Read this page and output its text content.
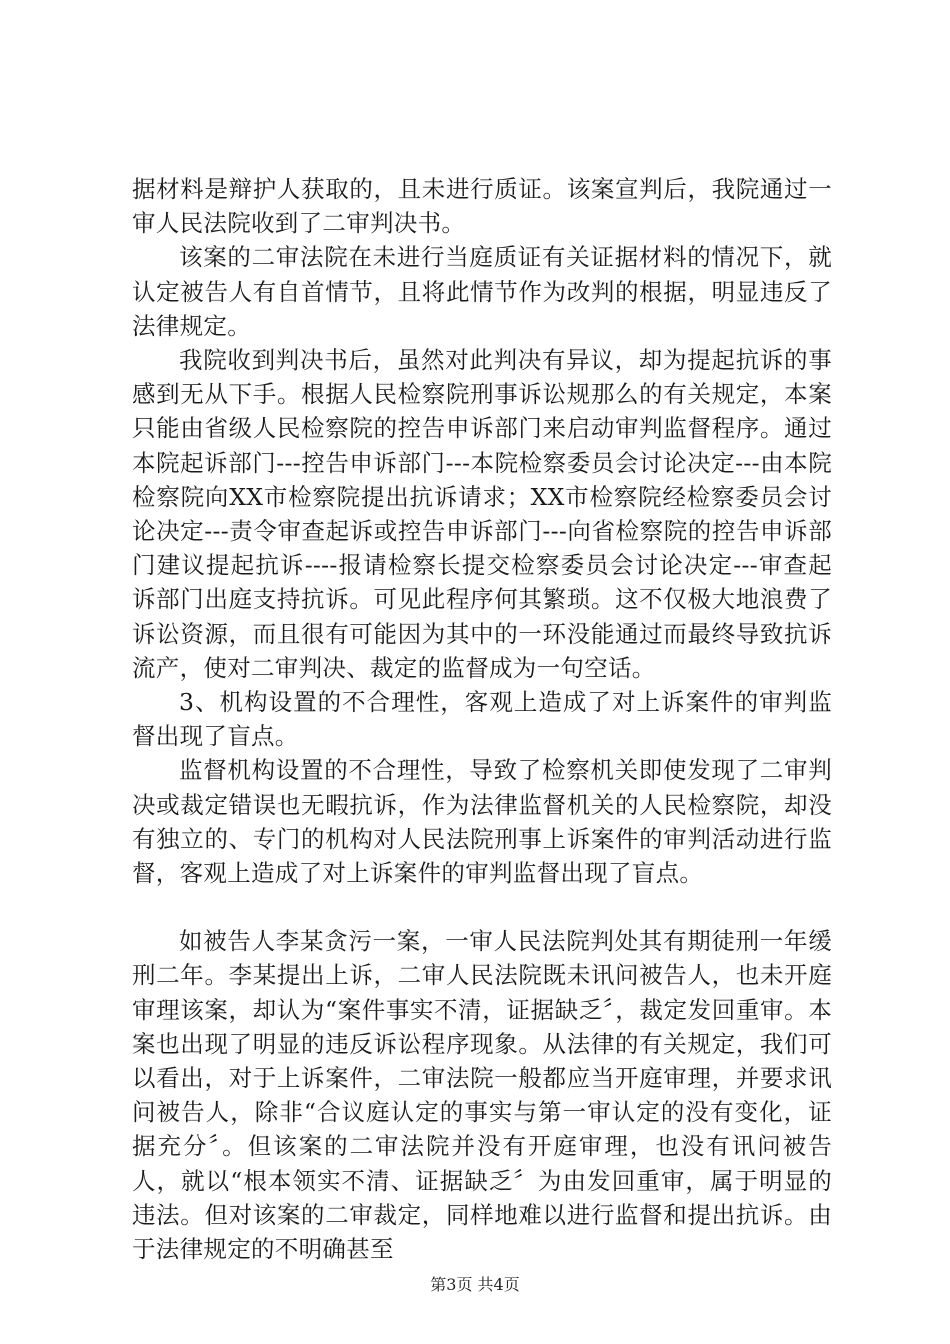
据材料是辩护人获取的，且未进行质证。该案宣判后，我院通过一审人民法院收到了二审判决书。

该案的二审法院在未进行当庭质证有关证据材料的情况下，就认定被告人有自首情节，且将此情节作为改判的根据，明显违反了法律规定。

我院收到判决书后，虽然对此判决有异议，却为提起抗诉的事感到无从下手。根据人民检察院刑事诉讼规那么的有关规定，本案只能由省级人民检察院的控告申诉部门来启动审判监督程序。通过本院起诉部门---控告申诉部门---本院检察委员会讨论决定---由本院检察院向XX市检察院提出抗诉请求；XX市检察院经检察委员会讨论决定---责令审查起诉或控告申诉部门---向省检察院的控告申诉部门建议提起抗诉----报请检察长提交检察委员会讨论决定---审查起诉部门出庭支持抗诉。可见此程序何其繁琐。这不仅极大地浪费了诉讼资源，而且很有可能因为其中的一环没能通过而最终导致抗诉流产，使对二审判决、裁定的监督成为一句空话。

3、机构设置的不合理性，客观上造成了对上诉案件的审判监督出现了盲点。

监督机构设置的不合理性，导致了检察机关即使发现了二审判决或裁定错误也无暇抗诉，作为法律监督机关的人民检察院，却没有独立的、专门的机构对人民法院刑事上诉案件的审判活动进行监督，客观上造成了对上诉案件的审判监督出现了盲点。

如被告人李某贪污一案，一审人民法院判处其有期徒刑一年缓刑二年。李某提出上诉，二审人民法院既未讯问被告人，也未开庭审理该案，却认为“案件事实不清，证据缺乏〞，裁定发回重审。本案也出现了明显的违反诉讼程序现象。从法律的有关规定，我们可以看出，对于上诉案件，二审法院一般都应当开庭审理，并要求讯问被告人，除非“合议庭认定的事实与第一审认定的没有变化，证据充分〞。但该案的二审法院并没有开庭审理，也没有讯问被告人，就以“根本领实不清、证据缺乏〞为由发回重审，属于明显的违法。但对该案的二审裁定，同样地难以进行监督和提出抗诉。由于法律规定的不明确甚至

第3页 共4页
